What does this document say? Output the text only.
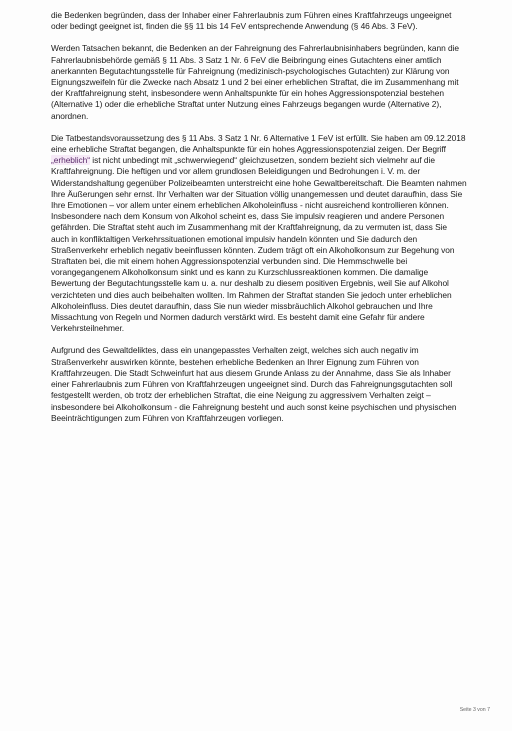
die Bedenken begründen, dass der Inhaber einer Fahrerlaubnis zum Führen eines Kraftfahrzeugs ungeeignet oder bedingt geeignet ist, finden die §§ 11 bis 14 FeV entsprechende Anwendung (§ 46 Abs. 3 FeV).

Werden Tatsachen bekannt, die Bedenken an der Fahreignung des Fahrerlaubnisinhabers begründen, kann die Fahrerlaubnisbehörde gemäß § 11 Abs. 3 Satz 1 Nr. 6 FeV die Beibringung eines Gutachtens einer amtlich anerkannten Begutachtungsstelle für Fahreignung (medizinisch-psychologisches Gutachten) zur Klärung von Eignungszweifeln für die Zwecke nach Absatz 1 und 2 bei einer erheblichen Straftat, die im Zusammenhang mit der Kraftfahreignung steht, insbesondere wenn Anhaltspunkte für ein hohes Aggressionspotenzial bestehen (Alternative 1) oder die erhebliche Straftat unter Nutzung eines Fahrzeugs begangen wurde (Alternative 2), anordnen.

Die Tatbestandsvoraussetzung des § 11 Abs. 3 Satz 1 Nr. 6 Alternative 1 FeV ist erfüllt. Sie haben am 09.12.2018 eine erhebliche Straftat begangen, die Anhaltspunkte für ein hohes Aggressionspotenzial zeigen. Der Begriff „erheblich“ ist nicht unbedingt mit „schwerwiegend“ gleichzusetzen, sondern bezieht sich vielmehr auf die Kraftfahreignung. Die heftigen und vor allem grundlosen Beleidigungen und Bedrohungen i. V. m. der Widerstandshaltung gegenüber Polizeibeamten unterstreicht eine hohe Gewaltbereitschaft. Die Beamten nahmen Ihre Äußerungen sehr ernst. Ihr Verhalten war der Situation völlig unangemessen und deutet daraufhin, dass Sie Ihre Emotionen – vor allem unter einem erheblichen Alkoholeinfluss - nicht ausreichend kontrollieren können. Insbesondere nach dem Konsum von Alkohol scheint es, dass Sie impulsiv reagieren und andere Personen gefährden. Die Straftat steht auch im Zusammenhang mit der Kraftfahreignung, da zu vermuten ist, dass Sie auch in konfliktaltigen Verkehrssituationen emotional impulsiv handeln könnten und Sie dadurch den Straßenverkehr erheblich negativ beeinflussen könnten. Zudem trägt oft ein Alkoholkonsum zur Begehung von Straftaten bei, die mit einem hohen Aggressionspotenzial verbunden sind. Die Hemmschwelle bei vorangegangenem Alkoholkonsum sinkt und es kann zu Kurzschlussreaktionen kommen. Die damalige Bewertung der Begutachtungsstelle kam u. a. nur deshalb zu diesem positiven Ergebnis, weil Sie auf Alkohol verzichteten und dies auch beibehalten wollten. Im Rahmen der Straftat standen Sie jedoch unter erheblichen Alkoholeinfluss. Dies deutet daraufhin, dass Sie nun wieder missbräuchlich Alkohol gebrauchen und Ihre Missachtung von Regeln und Normen dadurch verstärkt wird. Es besteht damit eine Gefahr für andere Verkehrsteilnehmer.

Aufgrund des Gewaltdeliktes, dass ein unangepasstes Verhalten zeigt, welches sich auch negativ im Straßenverkehr auswirken könnte, bestehen erhebliche Bedenken an Ihrer Eignung zum Führen von Kraftfahrzeugen. Die Stadt Schweinfurt hat aus diesem Grunde Anlass zu der Annahme, dass Sie als Inhaber einer Fahrerlaubnis zum Führen von Kraftfahrzeugen ungeeignet sind. Durch das Fahreignungsgutachten soll festgestellt werden, ob trotz der erheblichen Straftat, die eine Neigung zu aggressivem Verhalten zeigt – insbesondere bei Alkoholkonsum - die Fahreignung besteht und auch sonst keine psychischen und physischen Beeinträchtigungen zum Führen von Kraftfahrzeugen vorliegen.

Seite 3 von 7
